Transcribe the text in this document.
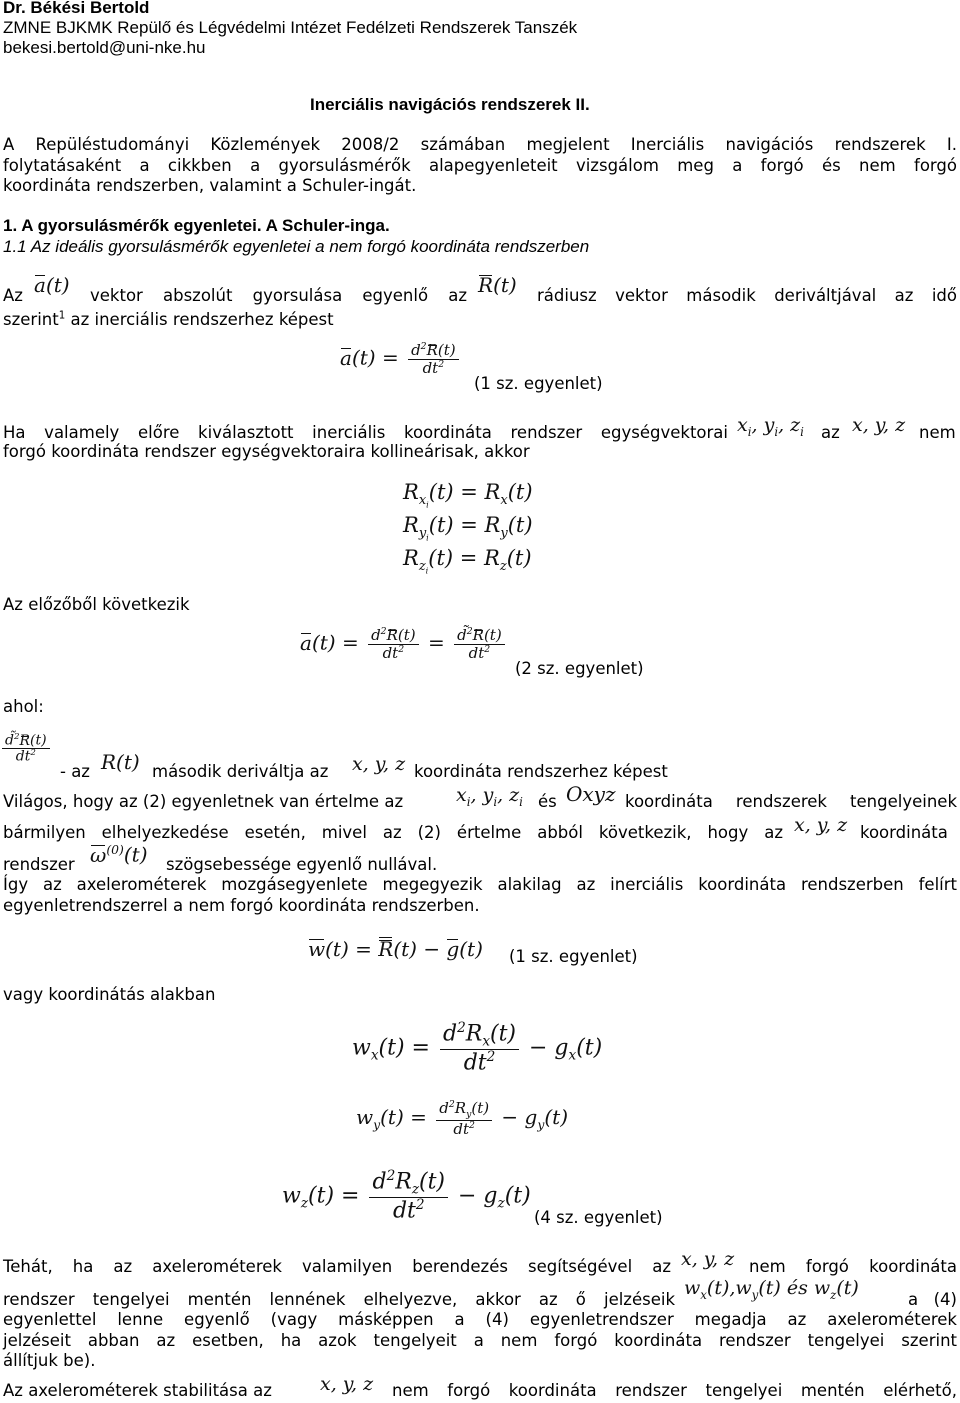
Dr. Békési Bertold
ZMNE BJKMK Repülő és Légvédelmi Intézet Fedélzeti Rendszerek Tanszék
bekesi.bertold@uni-nke.hu
Inerciális navigációs rendszerek II.
A Repüléstudományi Közlemények 2008/2 számában megjelent Inerciális navigációs rendszerek I.
folytatásaként a cikkben a gyorsulásmérők alapegyenleteit vizsgálom meg a forgó és nem forgó
koordináta rendszerben, valamint a Schuler-ingát.
1. A gyorsulásmérők egyenletei. A Schuler-inga.
1.1 Az ideális gyorsulásmérők egyenletei a nem forgó koordináta rendszerben
Az a(t) vektor abszolút gyorsulása egyenlő az R(t) rádiusz vektor második deriváltjával az idő
szerint$^1$ az inerciális rendszerhez képest
$a(t) = \frac{d^2R(t)}{dt^2}$
(1 sz. egyenlet)
Ha valamely előre kiválasztott inerciális koordináta rendszer egységvektorai $x_i$, $y_i$, $z_i$ az x, y, z nem
forgó koordináta rendszer egységvektoraira kollineárisak, akkor
$R_{x_i}(t) = R_x(t)$
$R_{y_i}(t) = R_y(t)$
$R_{z_i}(t) = R_z(t)$
Az előzőből következik
$a(t) = \frac{d^2R(t)}{dt^2} = \frac{d̃^2R(t)}{dt^2}$
(2 sz. egyenlet)
ahol:
$\frac{d̃^2R(t)}{dt^2}$
- az R(t) második deriváltja az x, y, z koordináta rendszerhez képest
Világos, hogy az (2) egyenletnek van értelme az	$x_i$, $y_i$, $z_i$ és Oxyz koordináta rendszerek tengelyeinek
bármilyen elhelyezkedése esetén, mivel az (2) értelme abból következik, hogy az x, y, z koordináta
rendszer $\omega^{(0)}(t)$ szögsebessége egyenlő nullával.
Így az axelerométerek mozgásegyenlete megegyezik alakilag az inerciális koordináta rendszerben felírt
egyenletrendszerrel a nem forgó koordináta rendszerben.
w(t) = R(t) − g(t) (1 sz. egyenlet)
vagy koordinátás alakban
$w_x(t) = \frac{d^2R_x(t)}{dt^2} - g_x(t)$
$w_y(t) = \frac{d^2R_y(t)}{dt^2} - g_y(t)$
$w_z(t) = \frac{d^2R_z(t)}{dt^2} - g_z(t)$
(4 sz. egyenlet)
Tehát, ha az axelerométerek valamilyen berendezés segítségével az x, y, z nem forgó koordináta
rendszer tengelyei mentén lennének elhelyezve, akkor az ő jelzéseik
$w_x(t),w_y(t)$ és $w_z(t)$
a (4)
egyenlettel lenne egyenlő (vagy másképpen a (4) egyenletrendszer megadja az axelerométerek
jelzéseit abban az esetben, ha azok tengelyeit a nem forgó koordináta rendszer tengelyei szerint
állítjuk be).
Az axelerométerek stabilitása az	x, y, z nem forgó koordináta rendszer tengelyei mentén elérhető,
